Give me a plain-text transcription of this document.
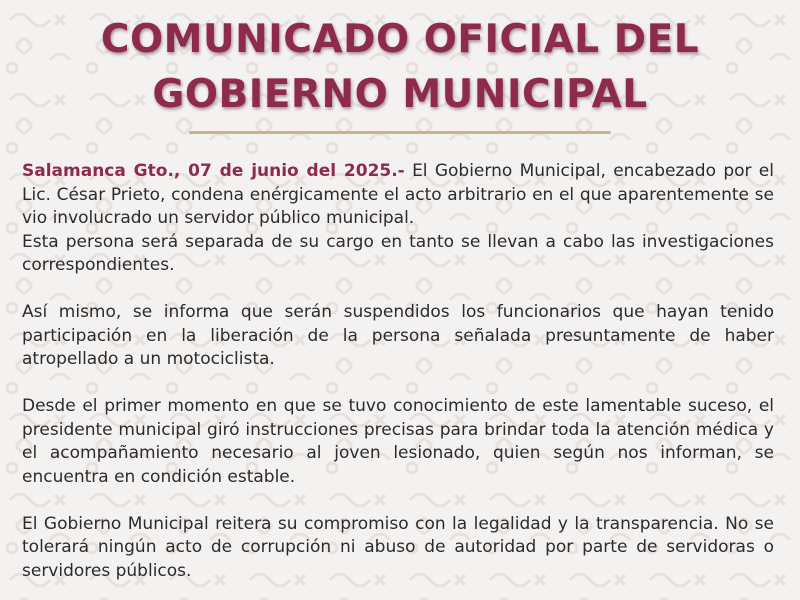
COMUNICADO OFICIAL DEL
GOBIERNO MUNICIPAL

Salamanca Gto., 07 de junio del 2025.- El Gobierno Municipal, encabezado por el Lic. César Prieto, condena enérgicamente el acto arbitrario en el que aparentemente se vio involucrado un servidor público municipal.

Esta persona será separada de su cargo en tanto se llevan a cabo las investigaciones correspondientes.

Así mismo, se informa que serán suspendidos los funcionarios que hayan tenido participación en la liberación de la persona señalada presuntamente de haber atropellado a un motociclista.

Desde el primer momento en que se tuvo conocimiento de este lamentable suceso, el presidente municipal giró instrucciones precisas para brindar toda la atención médica y el acompañamiento necesario al joven lesionado, quien según nos informan, se encuentra en condición estable.

El Gobierno Municipal reitera su compromiso con la legalidad y la transparencia. No se tolerará ningún acto de corrupción ni abuso de autoridad por parte de servidoras o servidores públicos.
